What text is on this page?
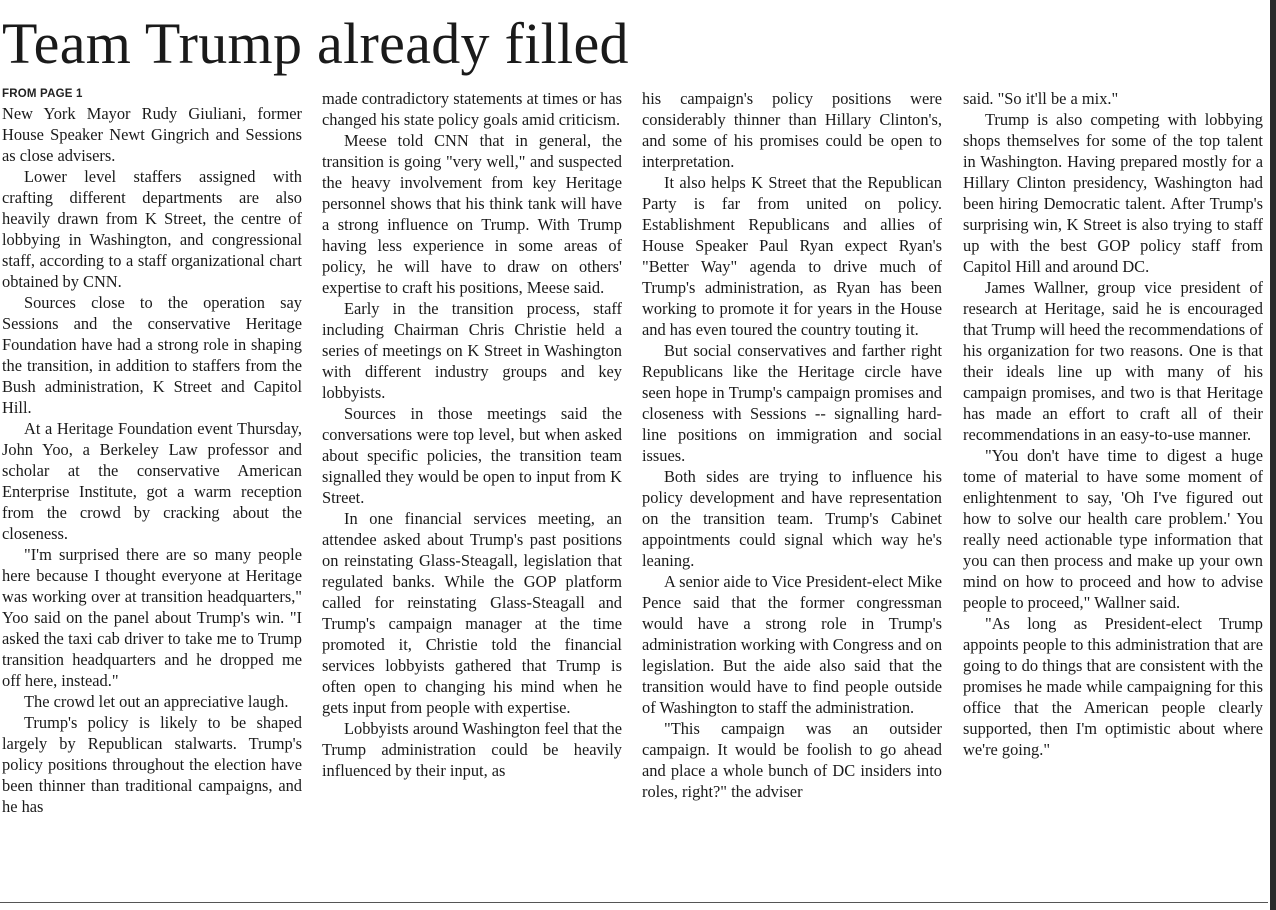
Team Trump already filled
FROM PAGE 1

New York Mayor Rudy Giuliani, former House Speaker Newt Gingrich and Sessions as close advisers.

Lower level staffers assigned with crafting different departments are also heavily drawn from K Street, the centre of lobbying in Washington, and congressional staff, according to a staff organizational chart obtained by CNN.

Sources close to the operation say Sessions and the conservative Heritage Foundation have had a strong role in shaping the transition, in addition to staffers from the Bush administration, K Street and Capitol Hill.

At a Heritage Foundation event Thursday, John Yoo, a Berkeley Law professor and scholar at the conservative American Enterprise Institute, got a warm reception from the crowd by cracking about the closeness.

"I'm surprised there are so many people here because I thought everyone at Heritage was working over at transition headquarters," Yoo said on the panel about Trump's win. "I asked the taxi cab driver to take me to Trump transition headquarters and he dropped me off here, instead."

The crowd let out an appreciative laugh.

Trump's policy is likely to be shaped largely by Republican stalwarts. Trump's policy positions throughout the election have been thinner than traditional campaigns, and he has

made contradictory statements at times or has changed his state policy goals amid criticism.

Meese told CNN that in general, the transition is going "very well," and suspected the heavy involvement from key Heritage personnel shows that his think tank will have a strong influence on Trump. With Trump having less experience in some areas of policy, he will have to draw on others' expertise to craft his positions, Meese said.

Early in the transition process, staff including Chairman Chris Christie held a series of meetings on K Street in Washington with different industry groups and key lobbyists.

Sources in those meetings said the conversations were top level, but when asked about specific policies, the transition team signalled they would be open to input from K Street.

In one financial services meeting, an attendee asked about Trump's past positions on reinstating Glass-Steagall, legislation that regulated banks. While the GOP platform called for reinstating Glass-Steagall and Trump's campaign manager at the time promoted it, Christie told the financial services lobbyists gathered that Trump is often open to changing his mind when he gets input from people with expertise.

Lobbyists around Washington feel that the Trump administration could be heavily influenced by their input, as

his campaign's policy positions were considerably thinner than Hillary Clinton's, and some of his promises could be open to interpretation.

It also helps K Street that the Republican Party is far from united on policy. Establishment Republicans and allies of House Speaker Paul Ryan expect Ryan's "Better Way" agenda to drive much of Trump's administration, as Ryan has been working to promote it for years in the House and has even toured the country touting it.

But social conservatives and farther right Republicans like the Heritage circle have seen hope in Trump's campaign promises and closeness with Sessions -- signalling hard-line positions on immigration and social issues.

Both sides are trying to influence his policy development and have representation on the transition team. Trump's Cabinet appointments could signal which way he's leaning.

A senior aide to Vice President-elect Mike Pence said that the former congressman would have a strong role in Trump's administration working with Congress and on legislation. But the aide also said that the transition would have to find people outside of Washington to staff the administration.

"This campaign was an outsider campaign. It would be foolish to go ahead and place a whole bunch of DC insiders into roles, right?" the adviser

said. "So it'll be a mix."

Trump is also competing with lobbying shops themselves for some of the top talent in Washington. Having prepared mostly for a Hillary Clinton presidency, Washington had been hiring Democratic talent. After Trump's surprising win, K Street is also trying to staff up with the best GOP policy staff from Capitol Hill and around DC.

James Wallner, group vice president of research at Heritage, said he is encouraged that Trump will heed the recommendations of his organization for two reasons. One is that their ideals line up with many of his campaign promises, and two is that Heritage has made an effort to craft all of their recommendations in an easy-to-use manner.

"You don't have time to digest a huge tome of material to have some moment of enlightenment to say, 'Oh I've figured out how to solve our health care problem.' You really need actionable type information that you can then process and make up your own mind on how to proceed and how to advise people to proceed," Wallner said.

"As long as President-elect Trump appoints people to this administration that are going to do things that are consistent with the promises he made while campaigning for this office that the American people clearly supported, then I'm optimistic about where we're going."
